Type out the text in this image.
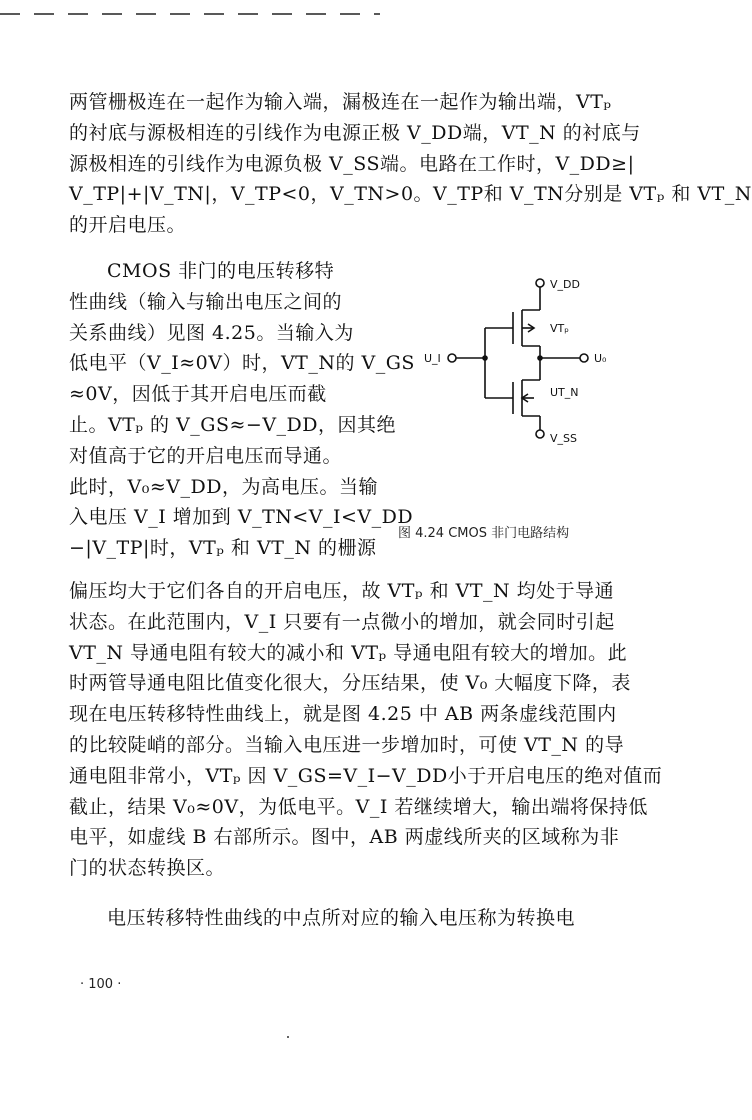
两管栅极连在一起作为输入端，漏极连在一起作为输出端，VTₚ
的衬底与源极相连的引线作为电源正极 V_DD端，VT_N 的衬底与
源极相连的引线作为电源负极 V_SS端。电路在工作时，V_DD≥|
V_TP|+|V_TN|，V_TP<0，V_TN>0。V_TP和 V_TN分别是 VTₚ 和 VT_N
的开启电压。
CMOS 非门的电压转移特
性曲线（输入与输出电压之间的
关系曲线）见图 4.25。当输入为
低电平（V_I≈0V）时，VT_N的 V_GS
≈0V，因低于其开启电压而截
止。VTₚ 的 V_GS≈−V_DD，因其绝
对值高于它的开启电压而导通。
此时，V₀≈V_DD，为高电压。当输
入电压 V_I 增加到 V_TN<V_I<V_DD
−|V_TP|时，VTₚ 和 VT_N 的栅源
V_DD
VTₚ
U_I	U₀
UT_N
V_SS
图 4.24 CMOS 非门电路结构
偏压均大于它们各自的开启电压，故 VTₚ 和 VT_N 均处于导通
状态。在此范围内，V_I 只要有一点微小的增加，就会同时引起
VT_N 导通电阻有较大的减小和 VTₚ 导通电阻有较大的增加。此
时两管导通电阻比值变化很大，分压结果，使 V₀ 大幅度下降，表
现在电压转移特性曲线上，就是图 4.25 中 AB 两条虚线范围内
的比较陡峭的部分。当输入电压进一步增加时，可使 VT_N 的导
通电阻非常小，VTₚ 因 V_GS=V_I−V_DD小于开启电压的绝对值而
截止，结果 V₀≈0V，为低电平。V_I 若继续增大，输出端将保持低
电平，如虚线 B 右部所示。图中，AB 两虚线所夹的区域称为非
门的状态转换区。
电压转移特性曲线的中点所对应的输入电压称为转换电
· 100 ·
